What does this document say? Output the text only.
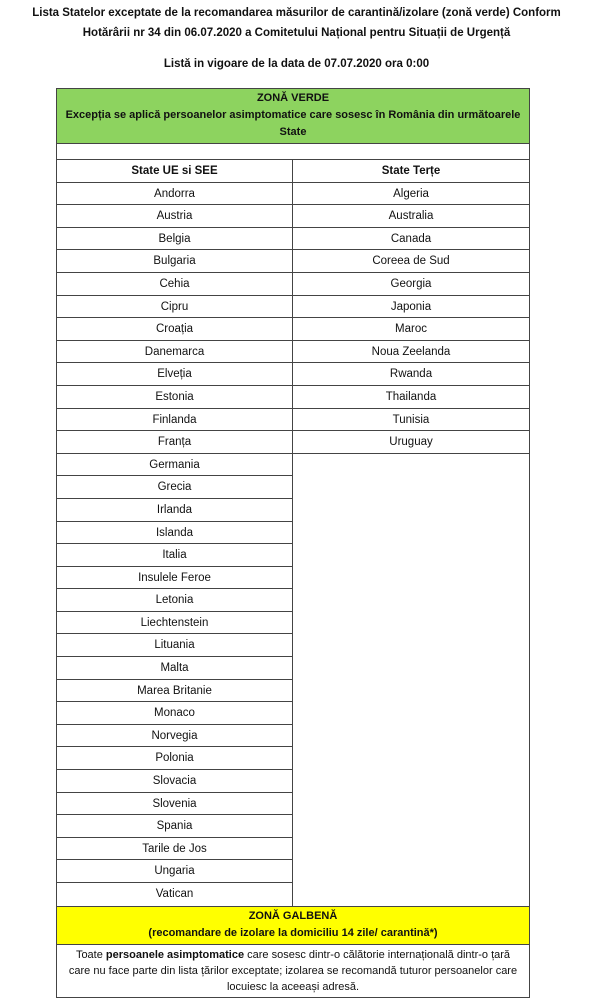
Lista Statelor exceptate de la recomandarea măsurilor de carantină/izolare (zonă verde) Conform
Hotărârii nr 34 din 06.07.2020 a Comitetului Național pentru Situații de Urgență
Listă in vigoare de la data de 07.07.2020 ora 0:00
ZONĂ VERDE
Excepția se aplică persoanelor asimptomatice care sosesc în România din următoarele State
State UE si SEE
Andorra
Austria
Belgia
Bulgaria
Cehia
Cipru
Croația
Danemarca
Elveția
Estonia
Finlanda
Franța
Germania
Grecia
Irlanda
Islanda
Italia
Insulele Feroe
Letonia
Liechtenstein
Lituania
Malta
Marea Britanie
Monaco
Norvegia
Polonia
Slovacia
Slovenia
Spania
Tarile de Jos
Ungaria
Vatican
State Terțe
Algeria
Australia
Canada
Coreea de Sud
Georgia
Japonia
Maroc
Noua Zeelanda
Rwanda
Thailanda
Tunisia
Uruguay
ZONĂ GALBENĂ
(recomandare de izolare la domiciliu 14 zile/ carantină*)
Toate persoanele asimptomatice care sosesc dintr-o călătorie internațională dintr-o țară care nu face parte din lista țărilor exceptate; izolarea se recomandă tuturor persoanelor care locuiesc la aceeași adresă.
